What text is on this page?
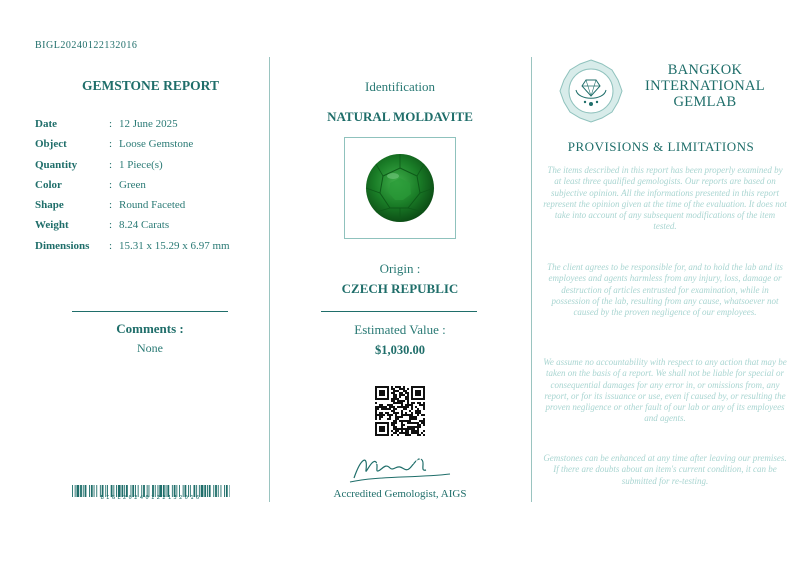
BIGL20240122132016
GEMSTONE REPORT
Date	: 12 June 2025
Object	: Loose Gemstone
Quantity	: 1 Piece(s)
Color	: Green
Shape	: Round Faceted
Weight	: 8.24 Carats
Dimensions	: 15.31 x 15.29 x 6.97 mm
Comments :
None
BIGL20240122132016
Identification
NATURAL MOLDAVITE
Origin :
CZECH REPUBLIC
Estimated Value :
$1,030.00
Hashent
Accredited Gemologist, AIGS
BANGKOK
INTERNATIONAL
GEMLAB
PROVISIONS & LIMITATIONS
The items described in this report has been properly examined by at least three qualified gemologists. Our reports are based on subjective opinion. All the informations presented in this report represent the opinion given at the time of the evaluation. It does not take into account of any subsequent modifications of the item tested.
The client agrees to be responsible for, and to hold the lab and its employees and agents harmless from any injury, loss, damage or destruction of articles entrusted for examination, while in possession of the lab, resulting from any cause, whatsoever not caused by the proven negligence of our employees.
We assume no accountability with respect to any action that may be taken on the basis of a report. We shall not be liable for special or consequential damages for any error in, or omissions from, any report, or for its issuance or use, even if caused by, or resulting the proven negligence or other fault of our lab or any of its employees and agents.
Gemstones can be enhanced at any time after leaving our premises. If there are doubts about an item's current condition, it can be submitted for re-testing.
